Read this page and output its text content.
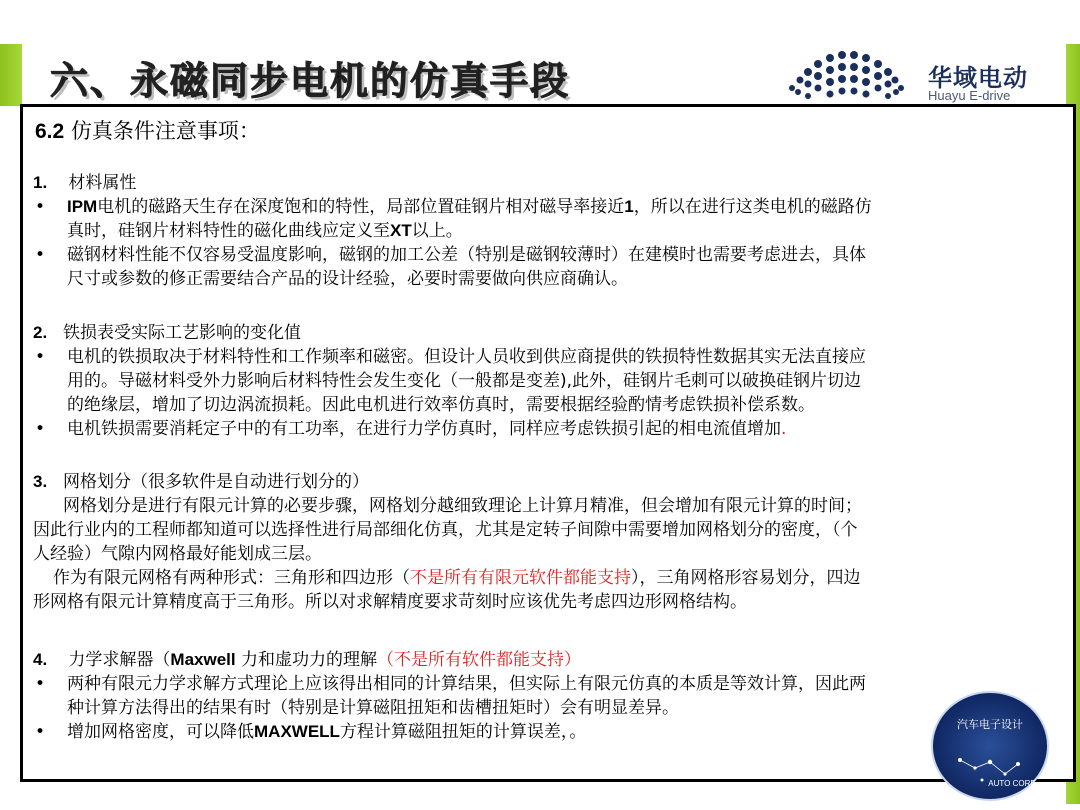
六、永磁同步电机的仿真手段	华域电动
Huayu E-drive
6.2 仿真条件注意事项：
1. 材料属性
• IPM电机的磁路天生存在深度饱和的特性，局部位置硅钢片相对磁导率接近1，所以在进行这类电机的磁路仿
真时，硅钢片材料特性的磁化曲线应定义至XT以上。
• 磁钢材料性能不仅容易受温度影响，磁钢的加工公差（特别是磁钢较薄时）在建模时也需要考虑进去，具体
尺寸或参数的修正需要结合产品的设计经验，必要时需要做向供应商确认。
2. 铁损表受实际工艺影响的变化值
• 电机的铁损取决于材料特性和工作频率和磁密。但设计人员收到供应商提供的铁损特性数据其实无法直接应
用的。导磁材料受外力影响后材料特性会发生变化（一般都是变差),此外，硅钢片毛刺可以破换硅钢片切边
的绝缘层，增加了切边涡流损耗。因此电机进行效率仿真时，需要根据经验酌情考虑铁损补偿系数。
• 电机铁损需要消耗定子中的有工功率，在进行力学仿真时，同样应考虑铁损引起的相电流值增加.
3. 网格划分（很多软件是自动进行划分的）
网格划分是进行有限元计算的必要步骤，网格划分越细致理论上计算月精准，但会增加有限元计算的时间；
因此行业内的工程师都知道可以选择性进行局部细化仿真，尤其是定转子间隙中需要增加网格划分的密度，（个
人经验）气隙内网格最好能划成三层。
作为有限元网格有两种形式：三角形和四边形（不是所有有限元软件都能支持），三角网格形容易划分，四边
形网格有限元计算精度高于三角形。所以对求解精度要求苛刻时应该优先考虑四边形网格结构。
4. 力学求解器（Maxwell 力和虚功力的理解（不是所有软件都能支持）
• 两种有限元力学求解方式理论上应该得出相同的计算结果，但实际上有限元仿真的本质是等效计算，因此两
种计算方法得出的结果有时（特别是计算磁阻扭矩和齿槽扭矩时）会有明显差异。
• 增加网格密度，可以降低MAXWELL方程计算磁阻扭矩的计算误差，。	汽车电子设计
AUTO CORE
